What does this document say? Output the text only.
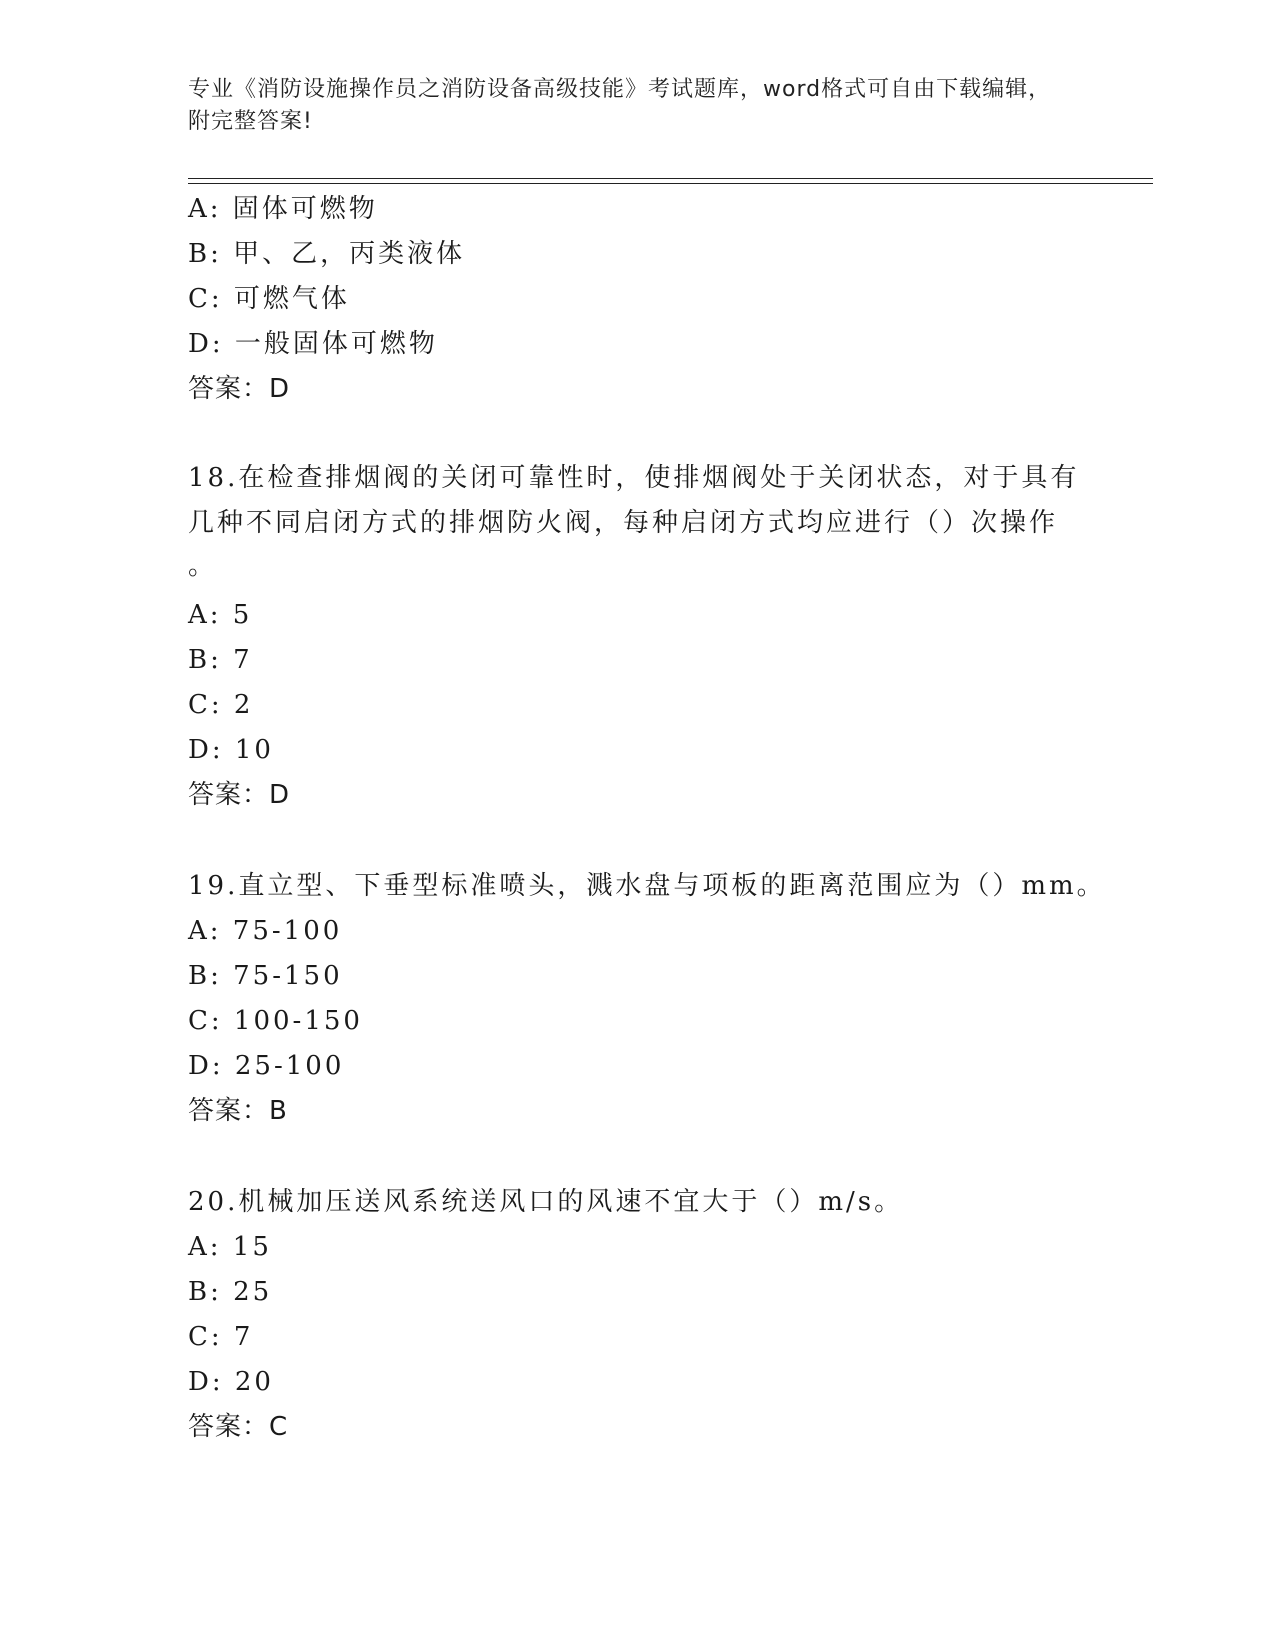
专业《消防设施操作员之消防设备高级技能》考试题库，word格式可自由下载编辑，附完整答案!
A: 固体可燃物
B: 甲、乙，丙类液体
C: 可燃气体
D: 一般固体可燃物
答案：D
18.在检查排烟阀的关闭可靠性时，使排烟阀处于关闭状态，对于具有
几种不同启闭方式的排烟防火阀，每种启闭方式均应进行（）次操作
。
A: 5
B: 7
C: 2
D: 10
答案：D
19.直立型、下垂型标准喷头，溅水盘与项板的距离范围应为（）mm。
A: 75-100
B: 75-150
C: 100-150
D: 25-100
答案：B
20.机械加压送风系统送风口的风速不宜大于（）m/s。
A: 15
B: 25
C: 7
D: 20
答案：C
